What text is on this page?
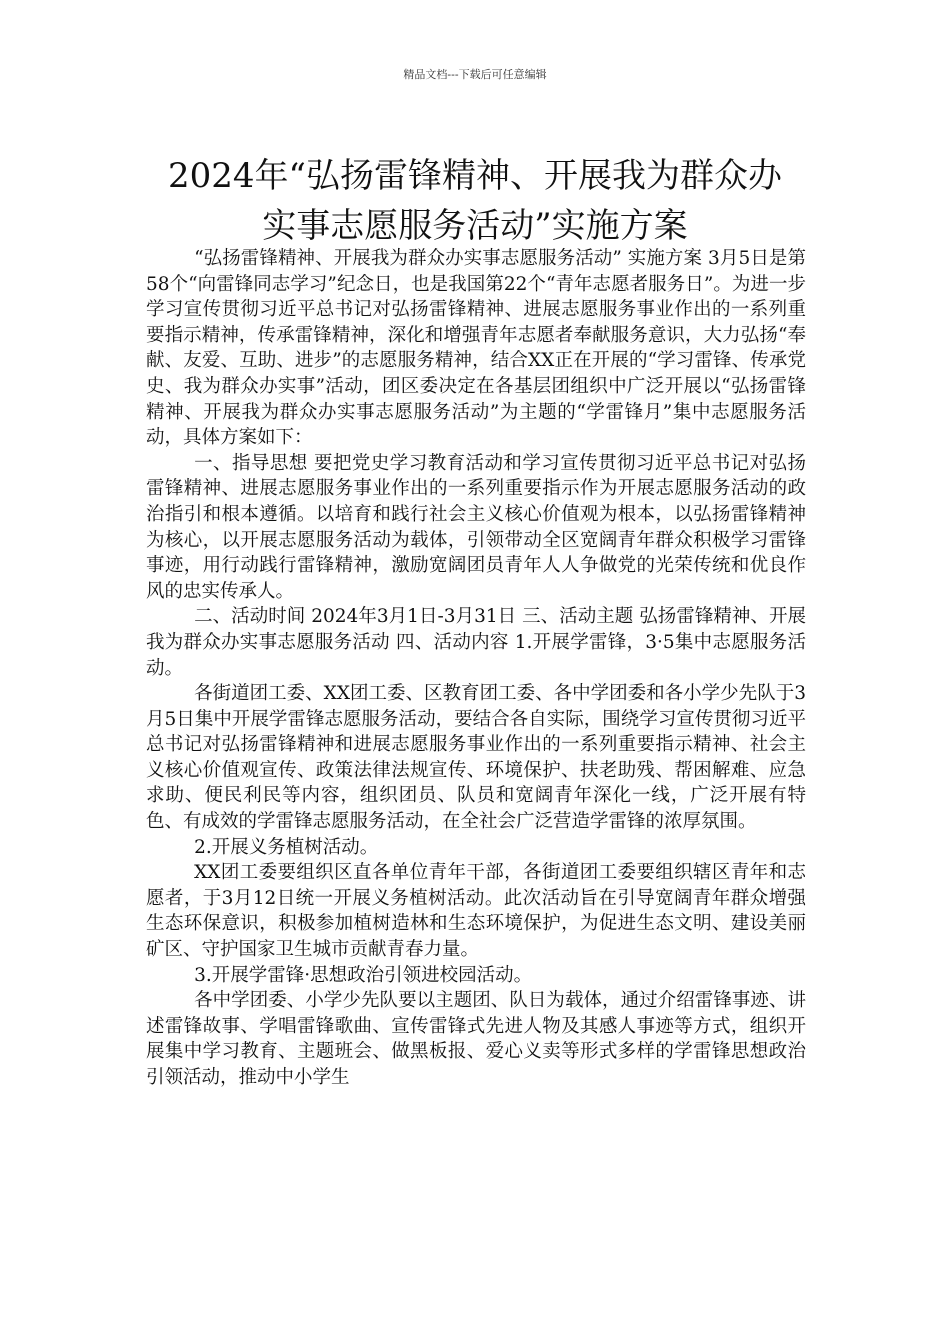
精品文档---下载后可任意编辑
2024年“弘扬雷锋精神、开展我为群众办
实事志愿服务活动”实施方案

“弘扬雷锋精神、开展我为群众办实事志愿服务活动” 实施方案 3月5日是第58个“向雷锋同志学习”纪念日，也是我国第22个“青年志愿者服务日”。为进一步学习宣传贯彻习近平总书记对弘扬雷锋精神、进展志愿服务事业作出的一系列重要指示精神，传承雷锋精神，深化和增强青年志愿者奉献服务意识，大力弘扬“奉献、友爱、互助、进步”的志愿服务精神，结合XX正在开展的“学习雷锋、传承党史、我为群众办实事”活动，团区委决定在各基层团组织中广泛开展以“弘扬雷锋精神、开展我为群众办实事志愿服务活动”为主题的“学雷锋月”集中志愿服务活动，具体方案如下：

一、指导思想 要把党史学习教育活动和学习宣传贯彻习近平总书记对弘扬雷锋精神、进展志愿服务事业作出的一系列重要指示作为开展志愿服务活动的政治指引和根本遵循。以培育和践行社会主义核心价值观为根本，以弘扬雷锋精神为核心，以开展志愿服务活动为载体，引领带动全区宽阔青年群众积极学习雷锋事迹，用行动践行雷锋精神，激励宽阔团员青年人人争做党的光荣传统和优良作风的忠实传承人。

二、活动时间 2024年3月1日-3月31日 三、活动主题 弘扬雷锋精神、开展我为群众办实事志愿服务活动 四、活动内容 1.开展学雷锋，3·5集中志愿服务活动。

各街道团工委、XX团工委、区教育团工委、各中学团委和各小学少先队于3月5日集中开展学雷锋志愿服务活动，要结合各自实际，围绕学习宣传贯彻习近平总书记对弘扬雷锋精神和进展志愿服务事业作出的一系列重要指示精神、社会主义核心价值观宣传、政策法律法规宣传、环境保护、扶老助残、帮困解难、应急求助、便民利民等内容，组织团员、队员和宽阔青年深化一线，广泛开展有特色、有成效的学雷锋志愿服务活动，在全社会广泛营造学雷锋的浓厚氛围。

2.开展义务植树活动。

XX团工委要组织区直各单位青年干部，各街道团工委要组织辖区青年和志愿者，于3月12日统一开展义务植树活动。此次活动旨在引导宽阔青年群众增强生态环保意识，积极参加植树造林和生态环境保护，为促进生态文明、建设美丽矿区、守护国家卫生城市贡献青春力量。

3.开展学雷锋·思想政治引领进校园活动。

各中学团委、小学少先队要以主题团、队日为载体，通过介绍雷锋事迹、讲述雷锋故事、学唱雷锋歌曲、宣传雷锋式先进人物及其感人事迹等方式，组织开展集中学习教育、主题班会、做黑板报、爱心义卖等形式多样的学雷锋思想政治引领活动，推动中小学生
